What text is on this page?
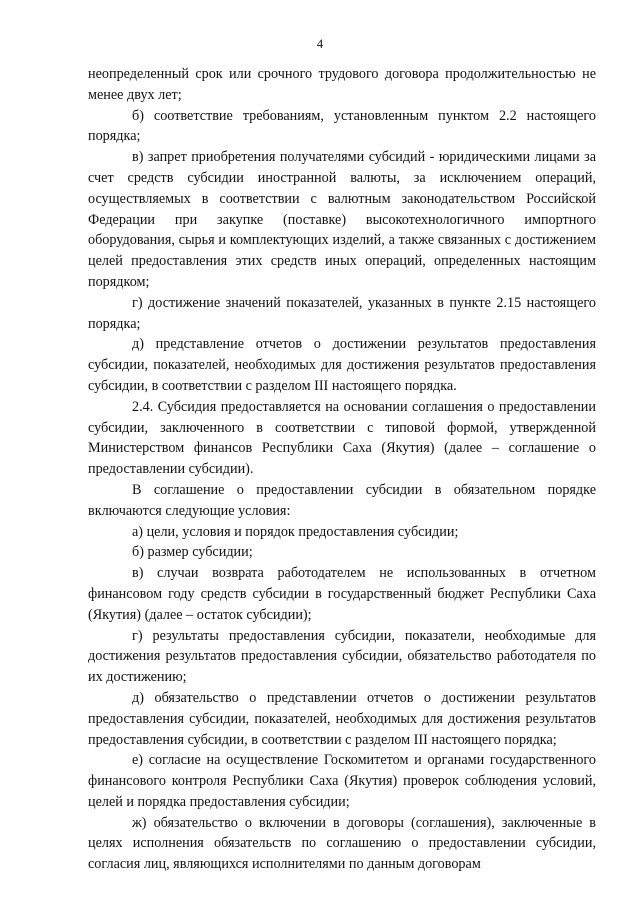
4

неопределенный срок или срочного трудового договора продолжительностью не менее двух лет;

б) соответствие требованиям, установленным пунктом 2.2 настоящего порядка;

в) запрет приобретения получателями субсидий - юридическими лицами за счет средств субсидии иностранной валюты, за исключением операций, осуществляемых в соответствии с валютным законодательством Российской Федерации при закупке (поставке) высокотехнологичного импортного оборудования, сырья и комплектующих изделий, а также связанных с достижением целей предоставления этих средств иных операций, определенных настоящим порядком;

г) достижение значений показателей, указанных в пункте 2.15 настоящего порядка;

д) представление отчетов о достижении результатов предоставления субсидии, показателей, необходимых для достижения результатов предоставления субсидии, в соответствии с разделом III настоящего порядка.

2.4. Субсидия предоставляется на основании соглашения о предоставлении субсидии, заключенного в соответствии с типовой формой, утвержденной Министерством финансов Республики Саха (Якутия) (далее – соглашение о предоставлении субсидии).

В соглашение о предоставлении субсидии в обязательном порядке включаются следующие условия:

а) цели, условия и порядок предоставления субсидии;

б) размер субсидии;

в) случаи возврата работодателем не использованных в отчетном финансовом году средств субсидии в государственный бюджет Республики Саха (Якутия) (далее – остаток субсидии);

г) результаты предоставления субсидии, показатели, необходимые для достижения результатов предоставления субсидии, обязательство работодателя по их достижению;

д) обязательство о представлении отчетов о достижении результатов предоставления субсидии, показателей, необходимых для достижения результатов предоставления субсидии, в соответствии с разделом III настоящего порядка;

е) согласие на осуществление Госкомитетом и органами государственного финансового контроля Республики Саха (Якутия) проверок соблюдения условий, целей и порядка предоставления субсидии;

ж) обязательство о включении в договоры (соглашения), заключенные в целях исполнения обязательств по соглашению о предоставлении субсидии, согласия лиц, являющихся исполнителями по данным договорам
